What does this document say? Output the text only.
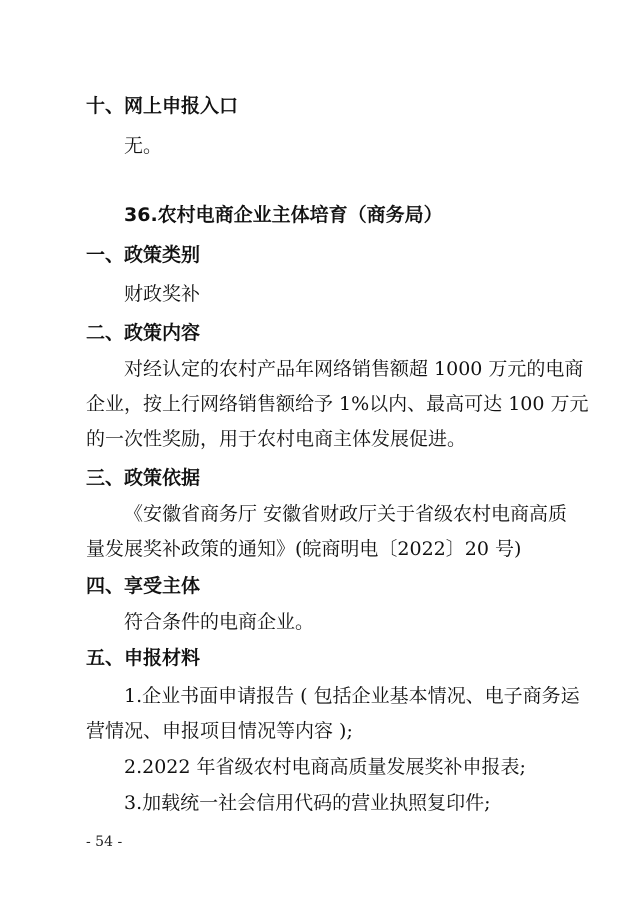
十、网上申报入口
无。
36.农村电商企业主体培育（商务局）
一、政策类别
财政奖补
二、政策内容
对经认定的农村产品年网络销售额超 1000 万元的电商
企业，按上行网络销售额给予 1%以内、最高可达 100 万元
的一次性奖励，用于农村电商主体发展促进。
三、政策依据
《安徽省商务厅 安徽省财政厅关于省级农村电商高质
量发展奖补政策的通知》(皖商明电〔2022〕20 号)
四、享受主体
符合条件的电商企业。
五、申报材料
1.企业书面申请报告 ( 包括企业基本情况、电子商务运
营情况、申报项目情况等内容 );
2.2022 年省级农村电商高质量发展奖补申报表;
3.加载统一社会信用代码的营业执照复印件;
- 54 -
